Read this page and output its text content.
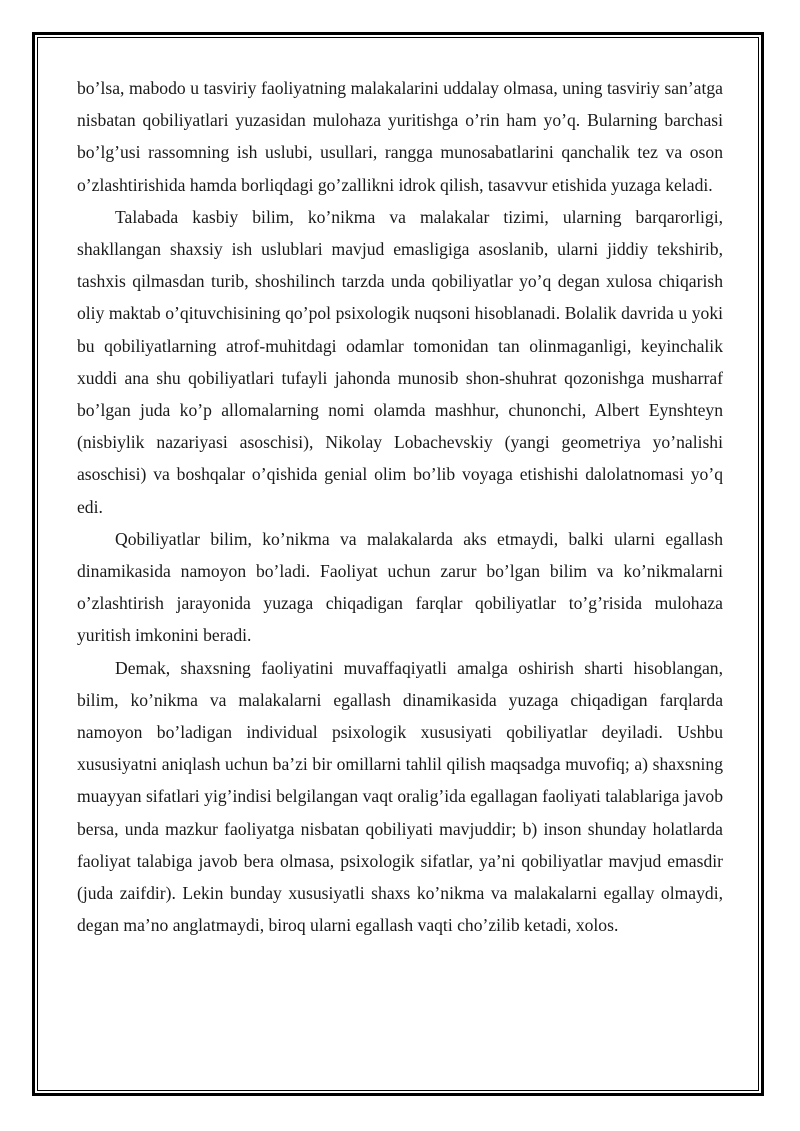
bo’lsa, mabodo u tasviriy faoliyatning malakalarini uddalay olmasa, uning tasviriy san’atga nisbatan qobiliyatlari yuzasidan mulohaza yuritishga o’rin ham yo’q. Bularning barchasi bo’lg’usi rassomning ish uslubi, usullari, rangga munosabatlarini qanchalik tez va oson o’zlashtirishida hamda borliqdagi go’zallikni idrok qilish, tasavvur etishida yuzaga keladi.

Talabada kasbiy bilim, ko’nikma va malakalar tizimi, ularning barqarorligi, shakllangan shaxsiy ish uslublari mavjud emasligiga asoslanib, ularni jiddiy tekshirib, tashxis qilmasdan turib, shoshilinch tarzda unda qobiliyatlar yo’q degan xulosa chiqarish oliy maktab o’qituvchisining qo’pol psixologik nuqsoni hisoblanadi. Bolalik davrida u yoki bu qobiliyatlarning atrof-muhitdagi odamlar tomonidan tan olinmaganligi, keyinchalik xuddi ana shu qobiliyatlari tufayli jahonda munosib shon-shuhrat qozonishga musharraf bo’lgan juda ko’p allomalarning nomi olamda mashhur, chunonchi, Albert Eynshteyn (nisbiylik nazariyasi asoschisi), Nikolay Lobachevskiy (yangi geometriya yo’nalishi asoschisi) va boshqalar o’qishida genial olim bo’lib voyaga etishishi dalolatnomasi yo’q edi.

Qobiliyatlar bilim, ko’nikma va malakalarda aks etmaydi, balki ularni egallash dinamikasida namoyon bo’ladi. Faoliyat uchun zarur bo’lgan bilim va ko’nikmalarni o’zlashtirish jarayonida yuzaga chiqadigan farqlar qobiliyatlar to’g’risida mulohaza yuritish imkonini beradi.

Demak, shaxsning faoliyatini muvaffaqiyatli amalga oshirish sharti hisoblangan, bilim, ko’nikma va malakalarni egallash dinamikasida yuzaga chiqadigan farqlarda namoyon bo’ladigan individual psixologik xususiyati qobiliyatlar deyiladi. Ushbu xususiyatni aniqlash uchun ba’zi bir omillarni tahlil qilish maqsadga muvofiq; a) shaxsning muayyan sifatlari yig’indisi belgilangan vaqt oralig’ida egallagan faoliyati talablariga javob bersa, unda mazkur faoliyatga nisbatan qobiliyati mavjuddir; b) inson shunday holatlarda faoliyat talabiga javob bera olmasa, psixologik sifatlar, ya’ni qobiliyatlar mavjud emasdir (juda zaifdir). Lekin bunday xususiyatli shaxs ko’nikma va malakalarni egallay olmaydi, degan ma’no anglatmaydi, biroq ularni egallash vaqti cho’zilib ketadi, xolos.
